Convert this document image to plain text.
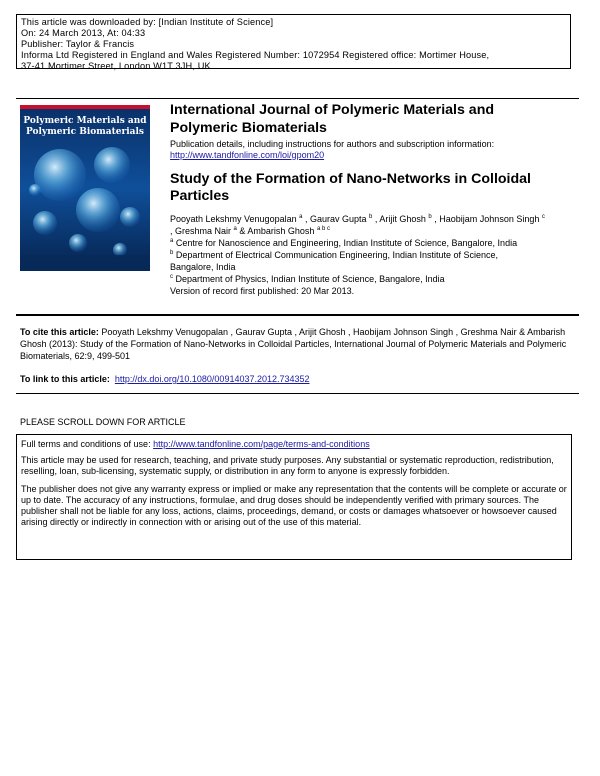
This article was downloaded by: [Indian Institute of Science]
On: 24 March 2013, At: 04:33
Publisher: Taylor & Francis
Informa Ltd Registered in England and Wales Registered Number: 1072954 Registered office: Mortimer House,
37-41 Mortimer Street, London W1T 3JH, UK
Polymeric Materials and
Polymeric Biomaterials
International Journal of Polymeric Materials and
Polymeric Biomaterials
Publication details, including instructions for authors and subscription information:
http://www.tandfonline.com/loi/gpom20
Study of the Formation of Nano-Networks in Colloidal
Particles
Pooyath Lekshmy Venugopalan $^a$ , Gaurav Gupta $^b$ , Arijit Ghosh $^b$ , Haobijam Johnson Singh $^c$
, Greshma Nair $^a$ & Ambarish Ghosh $^{a b c}$
$^a$ Centre for Nanoscience and Engineering, Indian Institute of Science, Bangalore, India
$^b$ Department of Electrical Communication Engineering, Indian Institute of Science,
Bangalore, India
$^c$ Department of Physics, Indian Institute of Science, Bangalore, India
Version of record first published: 20 Mar 2013.
To cite this article: Pooyath Lekshmy Venugopalan , Gaurav Gupta , Arijit Ghosh , Haobijam Johnson Singh , Greshma Nair & Ambarish Ghosh (2013): Study of the Formation of Nano-Networks in Colloidal Particles, International Journal of Polymeric Materials and Polymeric Biomaterials, 62:9, 499-501
To link to this article: http://dx.doi.org/10.1080/00914037.2012.734352
PLEASE SCROLL DOWN FOR ARTICLE

Full terms and conditions of use: http://www.tandfonline.com/page/terms-and-conditions

This article may be used for research, teaching, and private study purposes. Any substantial or systematic reproduction, redistribution, reselling, loan, sub-licensing, systematic supply, or distribution in any form to anyone is expressly forbidden.

The publisher does not give any warranty express or implied or make any representation that the contents will be complete or accurate or up to date. The accuracy of any instructions, formulae, and drug doses should be independently verified with primary sources. The publisher shall not be liable for any loss, actions, claims, proceedings, demand, or costs or damages whatsoever or howsoever caused arising directly or indirectly in connection with or arising out of the use of this material.
